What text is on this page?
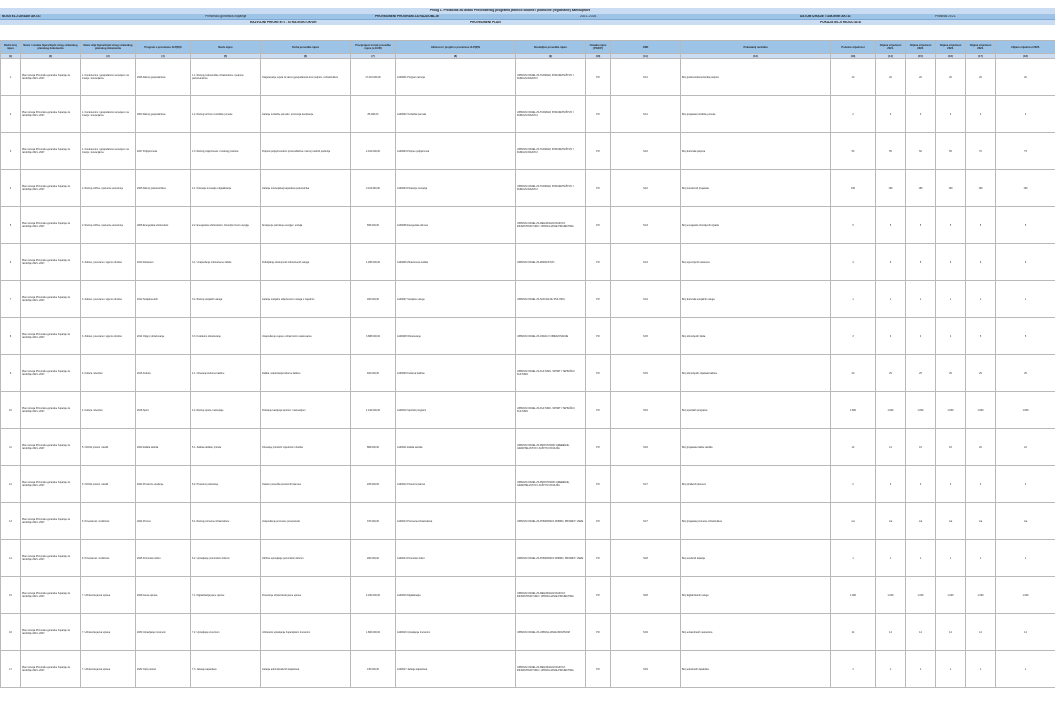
Prilog 1. Predložak za izradu Provedbenog programa jedinice lokalne i područne (regionalne) samouprave
NOSITELJ IZRADE AKTA:	Primorsko-goranska županija	PROVEDBENI PROGRAM ZA RAZDOBLJE	2021.-2025.	DATUM IZRADE / IZMJENE AKTA:	Prosinac 2021.
RAZVOJNI PRIORITETI - STRATEŠKI OKVIR	PROVEDBENI PLAN	POKAZATELJI REZULTATA
Redni broj mjere	Naziv i oznaka hijerarhijski višeg strateškog planskog dokumenta	Naziv cilja hijerarhijski višeg strateškog planskog dokumenta	Program u proračunu JLP(R)S	Naziv mjere	Svrha provedbe mjere	Procijenjeni trošak provedbe mjere (u EUR)	Aktivnost / projekt u proračunu JLP(R)S	Nositelj/ce provedbe mjere	Oznaka mjere (PO/CP)	OSD	Pokazatelj rezultata	Početna vrijednost	Ciljana vrijednost 2021.	Ciljana vrijednost 2022.	Ciljana vrijednost 2023.	Ciljana vrijednost 2024.	Ciljana vrijednost 2025.
(1)	(2)	(3)	(4)	(5)	(6)	(7)	(8)	(9)	(10)	(11)	(12)	(13)	(14)	(15)	(16)	(17)	(18)
1	Plan razvoja Primorsko-goranske županije za razdoblje 2021.-2027.	1. Konkurentno i gospodarstvo temeljeno na znanju i inovacijama	2026 Razvoj gospodarstva	1.1. Razvoj poduzetničke infrastrukture i potpora poduzetnicima	Osiguravanje uvjeta za razvoj gospodarstva kroz potpore i infrastrukturu	17.219.030,00	A100001 Program razvoja	UPRAVNI ODJEL ZA TURIZAM, PODUZETNIŠTVO I RURALNI RAZVOJ	PO	SC1	Broj poduzetnika korisnika potpora	10	20	20	20	20	20
2	Plan razvoja Primorsko-goranske županije za razdoblje 2021.-2027.	1. Konkurentno i gospodarstvo temeljeno na znanju i inovacijama	2003 Razvoj gospodarstva	1.2. Razvoj turizma i turističke ponude	Jačanje turističke ponude i promocija destinacije	85.000,00	A100002 Turistička ponuda	UPRAVNI ODJEL ZA TURIZAM, PODUZETNIŠTVO I RURALNI RAZVOJ	PO	SC1	Broj projekata turističke ponude	2	3	3	3	3	3
3	Plan razvoja Primorsko-goranske županije za razdoblje 2021.-2027.	1. Konkurentno i gospodarstvo temeljeno na znanju i inovacijama	2027 Poljoprivreda	1.3. Razvoj poljoprivrede i ruralnog prostora	Potpora poljoprivrednim proizvođačima i razvoj ruralnih područja	2.041.000,00	A100003 Potpore poljoprivredi	UPRAVNI ODJEL ZA TURIZAM, PODUZETNIŠTVO I RURALNI RAZVOJ	PO	SC2	Broj korisnika potpora	50	55	60	65	70	75
4	Plan razvoja Primorsko-goranske županije za razdoblje 2021.-2027.	2. Razvoj održive i pametne ekonomije	2005 Razvoj poduzetništva	2.1. Poticanje inovacija i digitalizacije	Jačanje inovacijskog kapaciteta poduzetnika	2.118.000,00	A100004 Poticanje inovacija	UPRAVNI ODJEL ZA TURIZAM, PODUZETNIŠTVO I RURALNI RAZVOJ	PO	SC2	Broj inovativnih projekata	150	150	150	150	150	150
5	Plan razvoja Primorsko-goranske županije za razdoblje 2021.-2027.	2. Razvoj održive i pametne ekonomije	2008 Energetska učinkovitost	2.2. Energetska učinkovitost i obnovljivi izvori energije	Smanjenje potrošnje energije i emisija	665.000,00	A100005 Energetska obnova	UPRAVNI ODJEL ZA REGIONALNI RAZVOJ, INFRASTRUKTURU I UPRAVLJANJE PROJEKTIMA	PO	SC3	Broj energetski obnovljenih zgrada	5	5	5	5	5	5
6	Plan razvoja Primorsko-goranske županije za razdoblje 2021.-2027.	3. Zdravo, povezano i sigurno društvo	2010 Zdravstvo	3.1. Unapređenje zdravstvene zaštite	Poboljšanje dostupnosti zdravstvenih usluga	1.256.000,00	A100006 Zdravstvena zaštita	UPRAVNI ODJEL ZA ZDRAVSTVO	PO	SC4	Broj opremljenih ustanova	4	5	5	6	6	6
7	Plan razvoja Primorsko-goranske županije za razdoblje 2021.-2027.	3. Zdravo, povezano i sigurno društvo	2012 Socijalna skrb	3.2. Razvoj socijalnih usluga	Jačanje socijalne uključenosti i usluga u zajednici	180.000,00	A100007 Socijalne usluge	UPRAVNI ODJEL ZA SOCIJALNU POLITIKU	PO	SC4	Broj korisnika socijalnih usluga	1	1	1	1	1	1
8	Plan razvoja Primorsko-goranske županije za razdoblje 2021.-2027.	3. Zdravo, povezano i sigurno društvo	2014 Odgoj i obrazovanje	3.3. Kvalitetno obrazovanje	Unapređenje uvjeta u obrazovnim ustanovama	3.688.000,00	A100008 Obrazovanje	UPRAVNI ODJEL ZA ODGOJ I OBRAZOVANJE	PO	SC5	Broj obnovljenih škola	3	3	4	4	5	5
9	Plan razvoja Primorsko-goranske županije za razdoblje 2021.-2027.	4. Kultura i identitet	2016 Kultura	4.1. Očuvanje kulturne baštine	Zaštita i valorizacija kulturne baštine	400.000,00	A100009 Kulturna baština	UPRAVNI ODJEL ZA KULTURU, SPORT I TEHNIČKU KULTURU	PO	SC5	Broj obnovljenih objekata baštine	20	25	25	25	25	25
10	Plan razvoja Primorsko-goranske županije za razdoblje 2021.-2027.	4. Kultura i identitet	2018 Sport	4.2. Razvoj sporta i rekreacije	Poticanje bavljenja sportom i rekreacijom	1.243.000,00	A100010 Sportski programi	UPRAVNI ODJEL ZA KULTURU, SPORT I TEHNIČKU KULTURU	PO	SC6	Broj sportskih programa	1.800	1.800	1.800	1.800	1.800	1.800
11	Plan razvoja Primorsko-goranske županije za razdoblje 2021.-2027.	5. Održivi prostor i okoliš	2020 Zaštita okoliša	5.1. Zaštita okoliša i prirode	Očuvanje prirodnih vrijednosti i okoliša	889.000,00	A100011 Zaštita okoliša	UPRAVNI ODJEL ZA PROSTORNO UREĐENJE, GRADITELJSTVO I ZAŠTITU OKOLIŠA	PO	SC6	Broj projekata zaštite okoliša	12	14	16	18	20	22
12	Plan razvoja Primorsko-goranske županije za razdoblje 2021.-2027.	5. Održivi prostor i okoliš	2022 Prostorno uređenje	5.2. Prostorno planiranje	Izrada i provedba prostornih planova	225.000,00	A100012 Prostorni planovi	UPRAVNI ODJEL ZA PROSTORNO UREĐENJE, GRADITELJSTVO I ZAŠTITU OKOLIŠA	PO	SC7	Broj izrađenih planova	2	2	2	2	2	2
13	Plan razvoja Primorsko-goranske županije za razdoblje 2021.-2027.	6. Povezanost i mobilnost	2024 Promet	6.1. Razvoj prometne infrastrukture	Unapređenje prometne povezanosti	370.000,00	A100013 Prometna infrastruktura	UPRAVNI ODJEL ZA POMORSKO DOBRO, PROMET I VEZE	PO	SC7	Broj projekata prometne infrastrukture	n/a	n/a	n/a	n/a	n/a	n/a
14	Plan razvoja Primorsko-goranske županije za razdoblje 2021.-2027.	6. Povezanost i mobilnost	2025 Pomorsko dobro	6.2. Upravljanje pomorskim dobrom	Održivo upravljanje pomorskim dobrom	260.000,00	A100014 Pomorsko dobro	UPRAVNI ODJEL ZA POMORSKO DOBRO, PROMET I VEZE	PO	SC8	Broj uređenih lokacija	1	1	1	1	1	1
15	Plan razvoja Primorsko-goranske županije za razdoblje 2021.-2027.	7. Učinkovita javna uprava	2028 Javna uprava	7.1. Digitalizacija javne uprave	Povećanje učinkovitosti javne uprave	4.150.000,00	A100015 Digitalizacija	UPRAVNI ODJEL ZA REGIONALNI RAZVOJ, INFRASTRUKTURU I UPRAVLJANJE PROJEKTIMA	PO	SC8	Broj digitaliziranih usluga	1.000	1.000	1.000	1.000	1.000	1.000
16	Plan razvoja Primorsko-goranske županije za razdoblje 2021.-2027.	7. Učinkovita javna uprava	2030 Upravljanje imovinom	7.2. Upravljanje imovinom	Učinkovito upravljanje županijskom imovinom	1.800.000,00	A100016 Upravljanje imovinom	UPRAVNI ODJEL ZA UPRAVLJANJE IMOVINOM	PO	SC9	Broj evidentiranih nekretnina	14	14	14	14	14	14
17	Plan razvoja Primorsko-goranske županije za razdoblje 2021.-2027.	7. Učinkovita javna uprava	2032 Opći poslovi	7.3. Jačanje kapaciteta	Jačanje administrativnih kapaciteta	135.000,00	A100017 Jačanje kapaciteta	UPRAVNI ODJEL ZA REGIONALNI RAZVOJ, INFRASTRUKTURU I UPRAVLJANJE PROJEKTIMA	PO	SC9	Broj educiranih djelatnika	1	1	1	1	1	1
